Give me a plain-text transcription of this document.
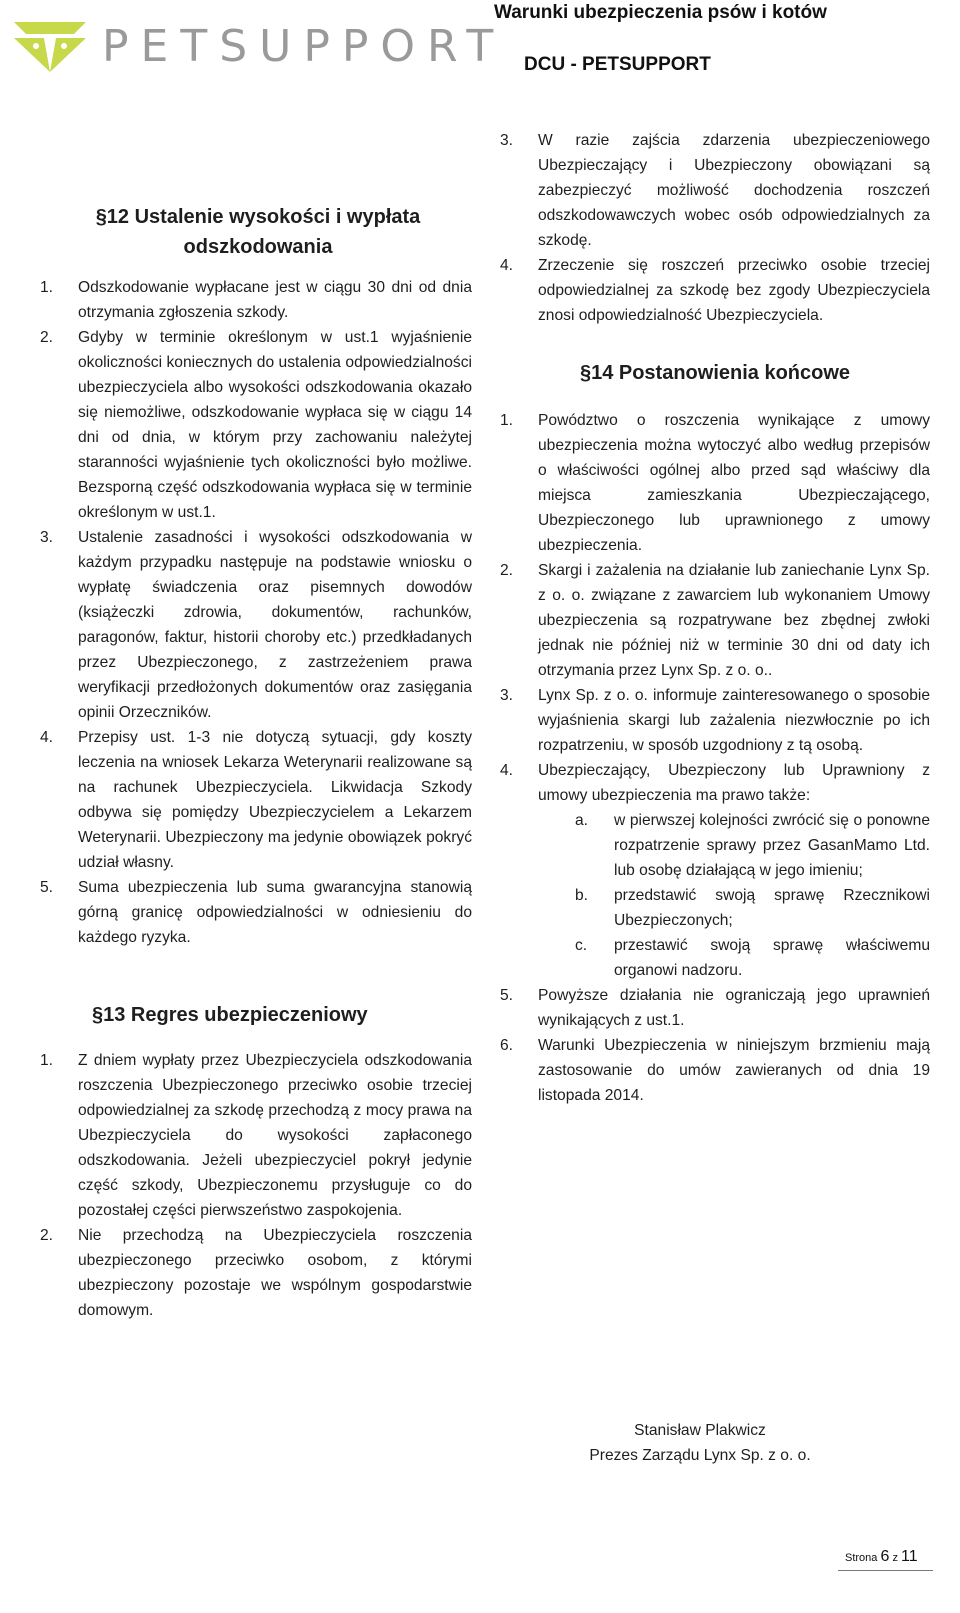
PETSUPPORT
Warunki ubezpieczenia psów i kotów
DCU - PETSUPPORT
§12 Ustalenie wysokości i wypłata odszkodowania
1.	Odszkodowanie wypłacane jest w ciągu 30 dni od dnia otrzymania zgłoszenia szkody.
2.	Gdyby w terminie określonym w ust.1 wyjaśnienie okoliczności koniecznych do ustalenia odpowiedzialności ubezpieczyciela albo wysokości odszkodowania okazało się niemożliwe, odszkodowanie wypłaca się w ciągu 14 dni od dnia, w którym przy zachowaniu należytej staranności wyjaśnienie tych okoliczności było możliwe. Bezsporną część odszkodowania wypłaca się w terminie określonym w ust.1.
3.	Ustalenie zasadności i wysokości odszkodowania w każdym przypadku następuje na podstawie wniosku o wypłatę świadczenia oraz pisemnych dowodów (książeczki zdrowia, dokumentów, rachunków, paragonów, faktur, historii choroby etc.) przedkładanych przez Ubezpieczonego, z zastrzeżeniem prawa weryfikacji przedłożonych dokumentów oraz zasięgania opinii Orzeczników.
4.	Przepisy ust. 1-3 nie dotyczą sytuacji, gdy koszty leczenia na wniosek Lekarza Weterynarii realizowane są na rachunek Ubezpieczyciela. Likwidacja Szkody odbywa się pomiędzy Ubezpieczycielem a Lekarzem Weterynarii. Ubezpieczony ma jedynie obowiązek pokryć udział własny.
5.	Suma ubezpieczenia lub suma gwarancyjna stanowią górną granicę odpowiedzialności w odniesieniu do każdego ryzyka.
§13 Regres ubezpieczeniowy
1.	Z dniem wypłaty przez Ubezpieczyciela odszkodowania roszczenia Ubezpieczonego przeciwko osobie trzeciej odpowiedzialnej za szkodę przechodzą z mocy prawa na Ubezpieczyciela do wysokości zapłaconego odszkodowania. Jeżeli ubezpieczyciel pokrył jedynie część szkody, Ubezpieczonemu przysługuje co do pozostałej części pierwszeństwo zaspokojenia.
2.	Nie przechodzą na Ubezpieczyciela roszczenia ubezpieczonego przeciwko osobom, z którymi ubezpieczony pozostaje we wspólnym gospodarstwie domowym.
3.	W razie zajścia zdarzenia ubezpieczeniowego Ubezpieczający i Ubezpieczony obowiązani są zabezpieczyć możliwość dochodzenia roszczeń odszkodowawczych wobec osób odpowiedzialnych za szkodę.
4.	Zrzeczenie się roszczeń przeciwko osobie trzeciej odpowiedzialnej za szkodę bez zgody Ubezpieczyciela znosi odpowiedzialność Ubezpieczyciela.
§14 Postanowienia końcowe
1.	Powództwo o roszczenia wynikające z umowy ubezpieczenia można wytoczyć albo według przepisów o właściwości ogólnej albo przed sąd właściwy dla miejsca zamieszkania Ubezpieczającego, Ubezpieczonego lub uprawnionego z umowy ubezpieczenia.
2.	Skargi i zażalenia na działanie lub zaniechanie Lynx Sp. z o. o. związane z zawarciem lub wykonaniem Umowy ubezpieczenia są rozpatrywane bez zbędnej zwłoki jednak nie później niż w terminie 30 dni od daty ich otrzymania przez Lynx Sp. z o. o..
3.	Lynx Sp. z o. o. informuje zainteresowanego o sposobie wyjaśnienia skargi lub zażalenia niezwłocznie po ich rozpatrzeniu, w sposób uzgodniony z tą osobą.
4.	Ubezpieczający, Ubezpieczony lub Uprawniony z umowy ubezpieczenia ma prawo także:
a.	w pierwszej kolejności zwrócić się o ponowne rozpatrzenie sprawy przez GasanMamo Ltd. lub osobę działającą w jego imieniu;
b.	przedstawić swoją sprawę Rzecznikowi Ubezpieczonych;
c.	przestawić swoją sprawę właściwemu organowi nadzoru.
5.	Powyższe działania nie ograniczają jego uprawnień wynikających z ust.1.
6.	Warunki Ubezpieczenia w niniejszym brzmieniu mają zastosowanie do umów zawieranych od dnia 19 listopada 2014.
Stanisław Plakwicz
Prezes Zarządu Lynx Sp. z o. o.
Strona 6 z 11
